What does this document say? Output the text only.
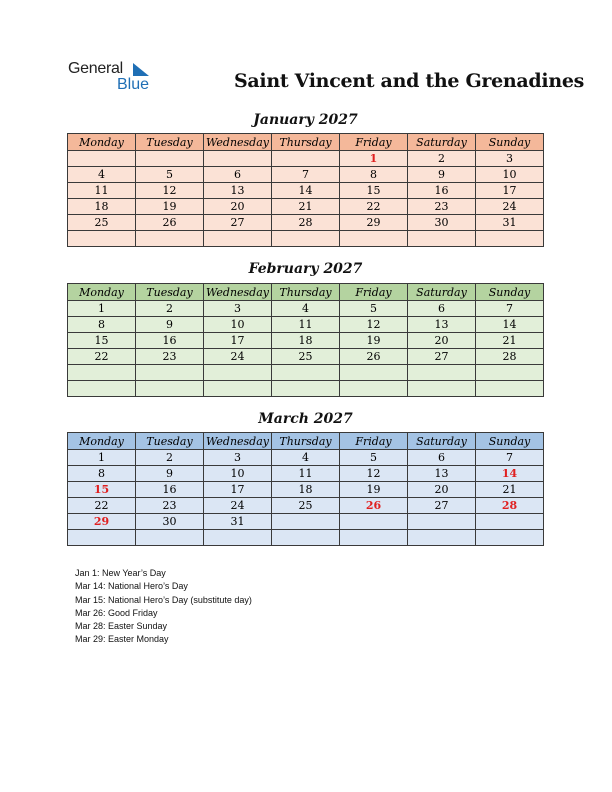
General
Blue	Saint Vincent and the Grenadines
January 2027
Monday	Tuesday	Wednesday	Thursday	Friday	Saturday	Sunday
				1	2	3
4	5	6	7	8	9	10
11	12	13	14	15	16	17
18	19	20	21	22	23	24
25	26	27	28	29	30	31

February 2027
Monday	Tuesday	Wednesday	Thursday	Friday	Saturday	Sunday
1	2	3	4	5	6	7
8	9	10	11	12	13	14
15	16	17	18	19	20	21
22	23	24	25	26	27	28

March 2027
Monday	Tuesday	Wednesday	Thursday	Friday	Saturday	Sunday
1	2	3	4	5	6	7
8	9	10	11	12	13	14
15	16	17	18	19	20	21
22	23	24	25	26	27	28
29	30	31				

Jan 1: New Year’s Day
Mar 14: National Hero’s Day
Mar 15: National Hero’s Day (substitute day)
Mar 26: Good Friday
Mar 28: Easter Sunday
Mar 29: Easter Monday
